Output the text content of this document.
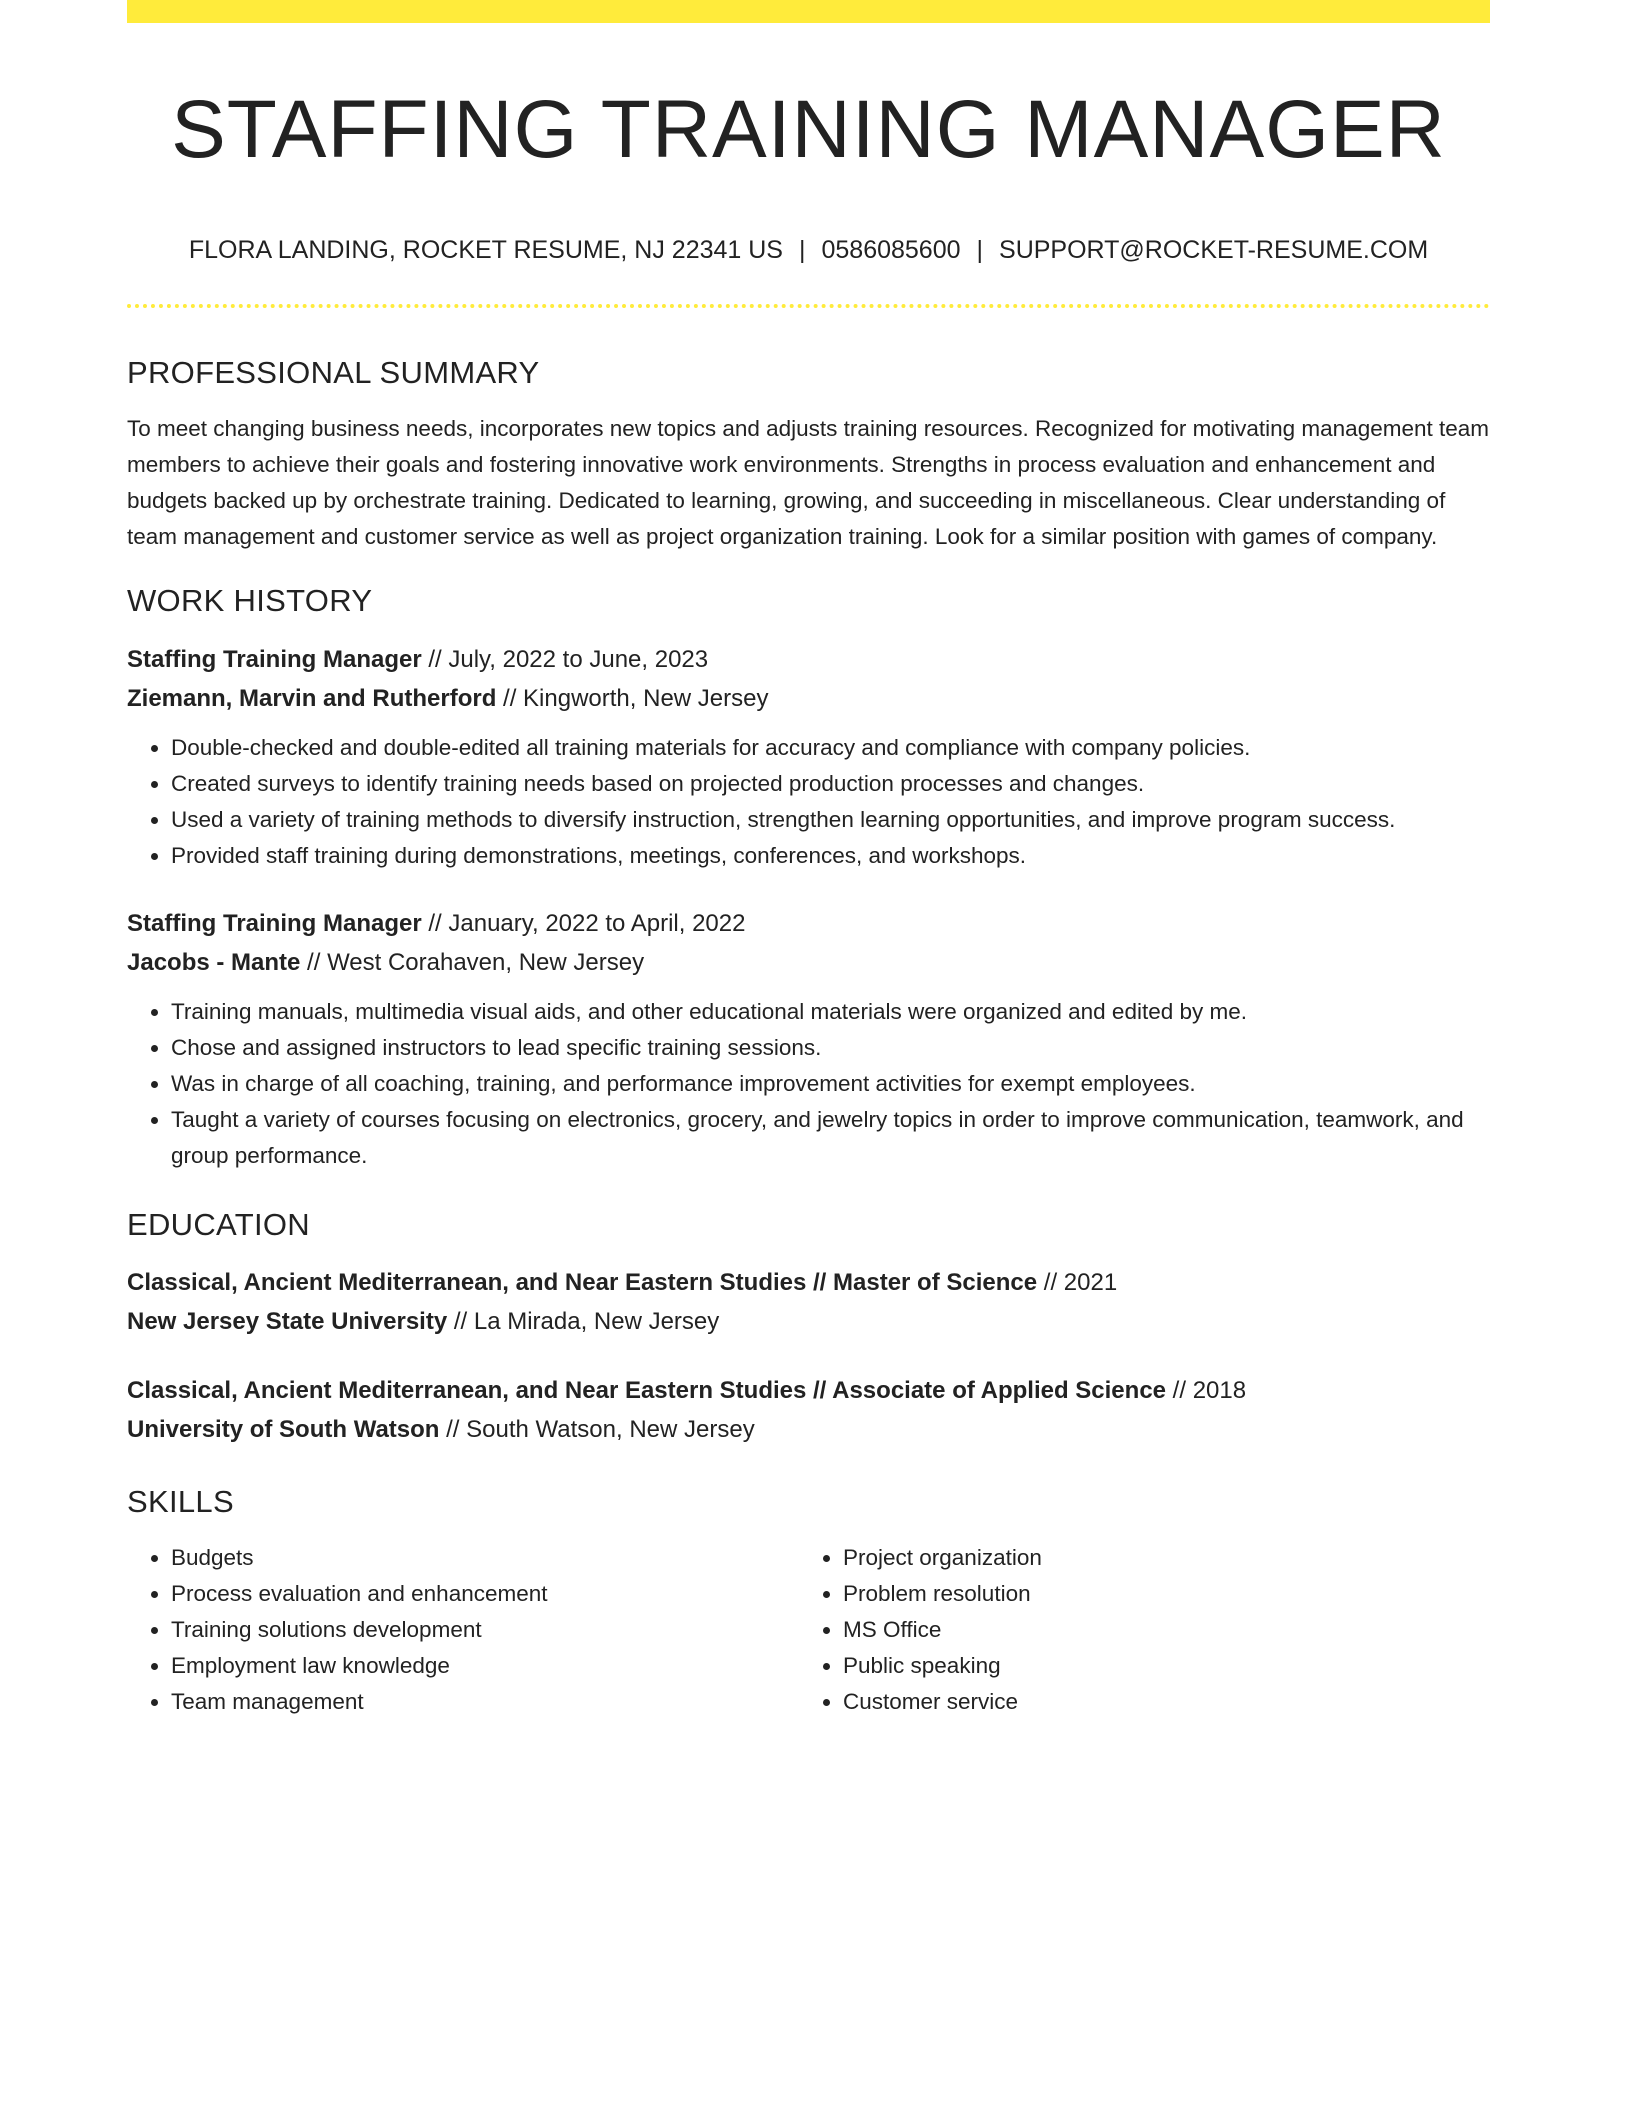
STAFFING TRAINING MANAGER
FLORA LANDING, ROCKET RESUME, NJ 22341 US | 0586085600 | SUPPORT@ROCKET-RESUME.COM
PROFESSIONAL SUMMARY
To meet changing business needs, incorporates new topics and adjusts training resources. Recognized for motivating management team members to achieve their goals and fostering innovative work environments. Strengths in process evaluation and enhancement and budgets backed up by orchestrate training. Dedicated to learning, growing, and succeeding in miscellaneous. Clear understanding of team management and customer service as well as project organization training. Look for a similar position with games of company.
WORK HISTORY
Staffing Training Manager // July, 2022 to June, 2023
Ziemann, Marvin and Rutherford // Kingworth, New Jersey
• Double-checked and double-edited all training materials for accuracy and compliance with company policies.
• Created surveys to identify training needs based on projected production processes and changes.
• Used a variety of training methods to diversify instruction, strengthen learning opportunities, and improve program success.
• Provided staff training during demonstrations, meetings, conferences, and workshops.
Staffing Training Manager // January, 2022 to April, 2022
Jacobs - Mante // West Corahaven, New Jersey
• Training manuals, multimedia visual aids, and other educational materials were organized and edited by me.
• Chose and assigned instructors to lead specific training sessions.
• Was in charge of all coaching, training, and performance improvement activities for exempt employees.
• Taught a variety of courses focusing on electronics, grocery, and jewelry topics in order to improve communication, teamwork, and group performance.
EDUCATION
Classical, Ancient Mediterranean, and Near Eastern Studies // Master of Science // 2021
New Jersey State University // La Mirada, New Jersey
Classical, Ancient Mediterranean, and Near Eastern Studies // Associate of Applied Science // 2018
University of South Watson // South Watson, New Jersey
SKILLS
• Budgets
• Process evaluation and enhancement
• Training solutions development
• Employment law knowledge
• Team management
• Project organization
• Problem resolution
• MS Office
• Public speaking
• Customer service
